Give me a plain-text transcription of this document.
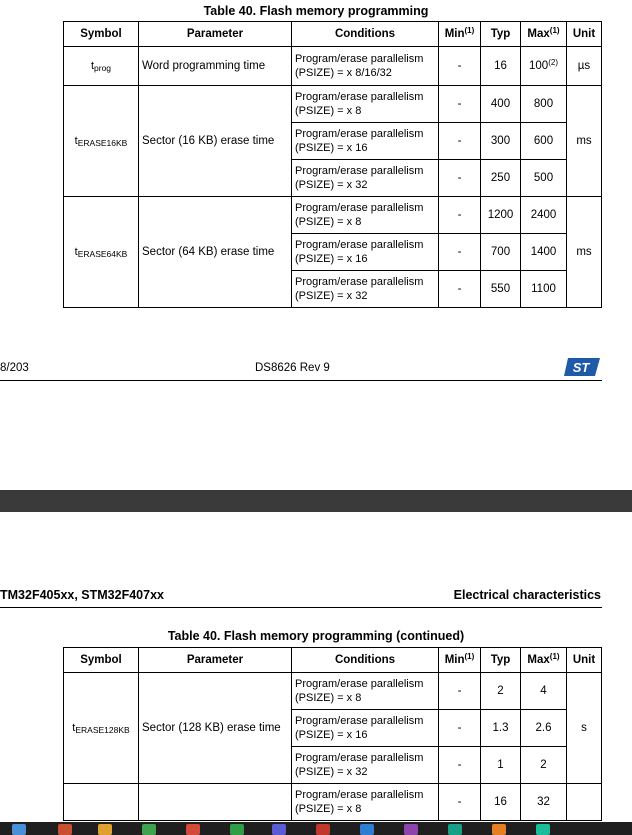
Table 40. Flash memory programming
Symbol	Parameter	Conditions	Min$^{(1)}$	Typ	Max$^{(1)}$	Unit
$t_{prog}$	Word programming time	Program/erase parallelism
(PSIZE) = x 8/16/32	-	16	100$^{(2)}$	µs
$t_{ERASE16KB}$	Sector (16 KB) erase time	Program/erase parallelism
(PSIZE) = x 8	-	400	800	ms
		Program/erase parallelism
(PSIZE) = x 16	-	300	600	
		Program/erase parallelism
(PSIZE) = x 32	-	250	500	
$t_{ERASE64KB}$	Sector (64 KB) erase time	Program/erase parallelism
(PSIZE) = x 8	-	1200	2400	ms
		Program/erase parallelism
(PSIZE) = x 16	-	700	1400	
		Program/erase parallelism
(PSIZE) = x 32	-	550	1100	
8/203	DS8626 Rev 9	ST
TM32F405xx, STM32F407xx	Electrical characteristics
Table 40. Flash memory programming (continued)
Symbol	Parameter	Conditions	Min$^{(1)}$	Typ	Max$^{(1)}$	Unit
$t_{ERASE128KB}$	Sector (128 KB) erase time	Program/erase parallelism
(PSIZE) = x 8	-	2	4	s
		Program/erase parallelism
(PSIZE) = x 16	-	1.3	2.6	
		Program/erase parallelism
(PSIZE) = x 32	-	1	2	
		Program/erase parallelism
(PSIZE) = x 8	-	16	32	
